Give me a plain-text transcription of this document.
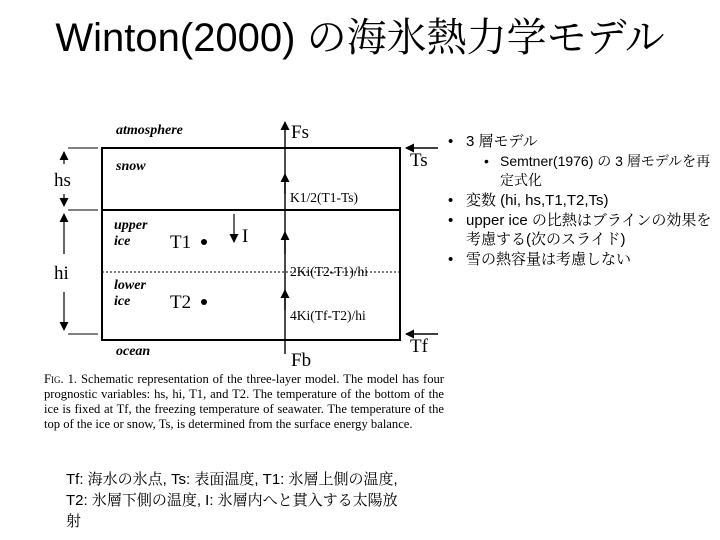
Winton(2000) の海氷熱力学モデル
atmosphere
snow
upper
ice
lower
ice
ocean
hs
hi
T1
T2
I
Fs
Fb
K1/2(T1-Ts)
2Ki(T2-T1)/hi
4Ki(Tf-T2)/hi
Ts
Tf
Fig. 1. Schematic representation of the three-layer model. The model has four prognostic variables: hs, hi, T1, and T2. The temperature of the bottom of the ice is fixed at Tf, the freezing temperature of seawater. The temperature of the top of the ice or snow, Ts, is determined from the surface energy balance.
• 3 層モデル
• Semtner(1976) の 3 層モデルを再定式化
• 変数 (hi, hs,T1,T2,Ts)
• upper ice の比熱はブラインの効果を考慮する(次のスライド)
• 雪の熱容量は考慮しない
Tf: 海水の氷点, Ts: 表面温度, T1: 氷層上側の温度, T2: 氷層下側の温度, I: 氷層内へと貫入する太陽放射
